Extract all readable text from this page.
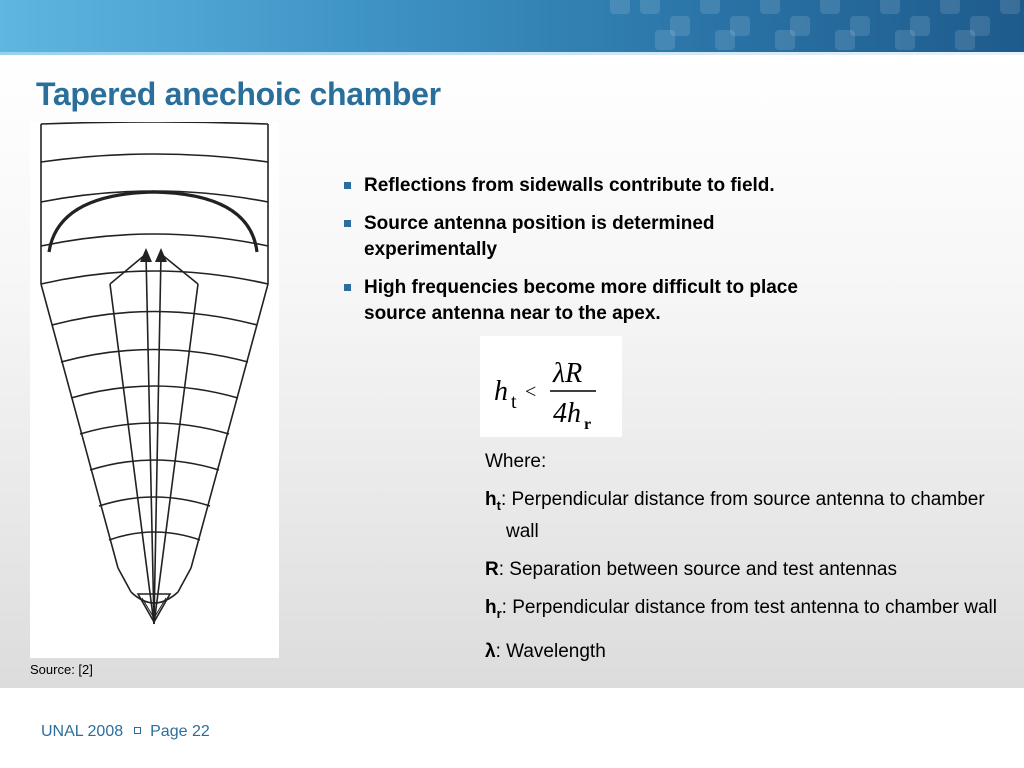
Tapered anechoic chamber
Source: [2]
Reflections from sidewalls contribute to field.
Source antenna position is determined experimentally
High frequencies become more difficult to place source antenna near to the apex.
h t <
λR
4h r
Where:
$h_t$: Perpendicular distance from source antenna to chamber wall
R: Separation between source and test antennas
$h_r$: Perpendicular distance from test antenna to chamber wall
λ: Wavelength
UNAL 2008 Page 22
